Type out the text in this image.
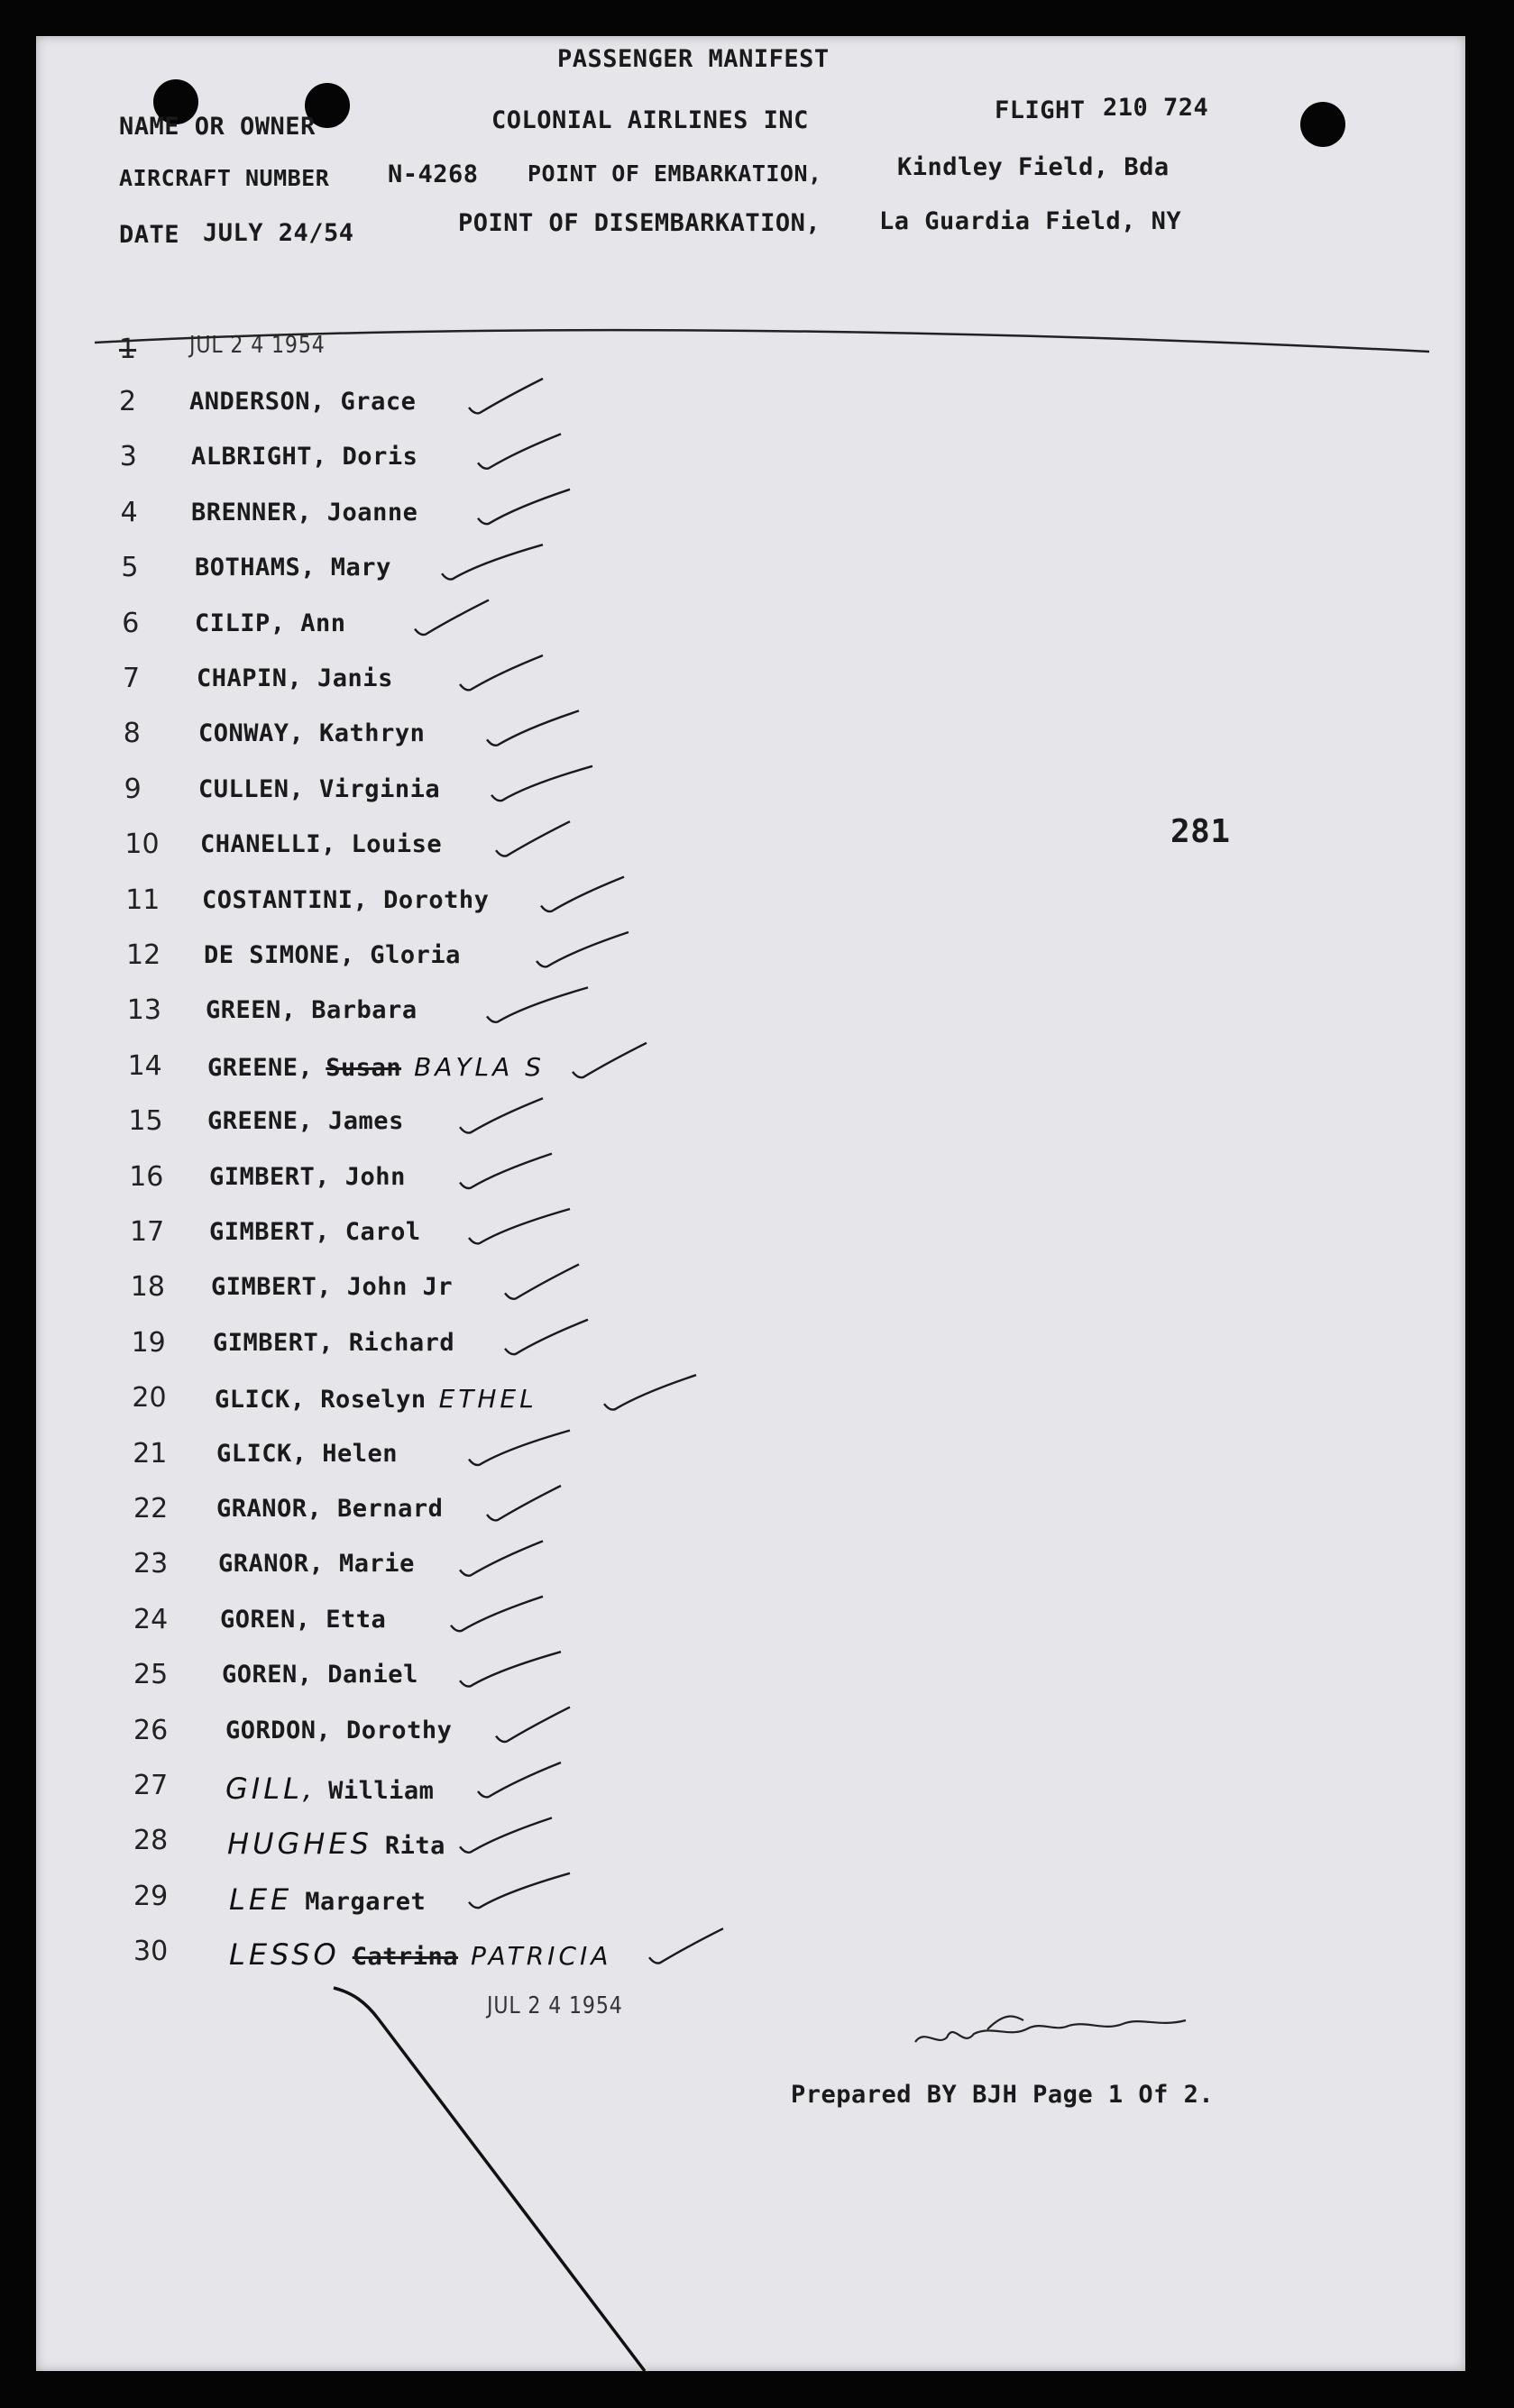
PASSENGER MANIFEST
NAME OR OWNER	COLONIAL AIRLINES INC	FLIGHT 210 724
AIRCRAFT NUMBER N-4268 POINT OF EMBARKATION,	Kindley Field, Bda
DATE JULY 24/54	POINT OF DISEMBARKATION, La Guardia Field, NY
1 JUL 2 4 1954
2 ANDERSON, Grace
3 ALBRIGHT, Doris
4 BRENNER, Joanne
5 BOTHAMS, Mary
6 CILIP, Ann
7 CHAPIN, Janis
8 CONWAY, Kathryn
9 CULLEN, Virginia
10 CHANELLI, Louise
11 COSTANTINI, Dorothy
12 DE SIMONE, Gloria
13 GREEN, Barbara
14 GREENE, Susan BAYLA S
15 GREENE, James
16 GIMBERT, John
17 GIMBERT, Carol
18 GIMBERT, John Jr
19 GIMBERT, Richard
20 GLICK, Roselyn ETHEL
21 GLICK, Helen
22 GRANOR, Bernard
23 GRANOR, Marie
24 GOREN, Etta
25 GOREN, Daniel
26 GORDON, Dorothy
27 GILL, William
28 HUGHES Rita
29 LEE Margaret
30 LESSO Catrina PATRICIA
281
JUL 2 4 1954
Prepared BY BJH Page 1 Of 2.
